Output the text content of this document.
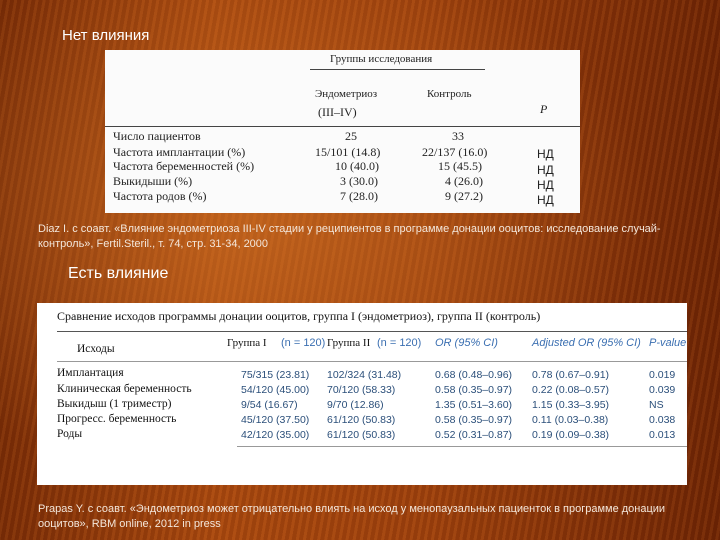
Нет влияния
Группы исследования
Эндометриоз	Контроль
P
(III–IV)
Число пациентов	25	33
Частота имплантации (%)	15/101 (14.8)	22/137 (16.0)	НД
Частота беременностей (%)	10 (40.0)	15 (45.5)	НД
Выкидыши (%)	3 (30.0)	4 (26.0)	НД
Частота родов (%)	7 (28.0)	9 (27.2)	НД
Diaz I. с соавт. «Влияние эндометриоза III-IV стадии у реципиентов в программе донации ооцитов: исследование случай-контроль», Fertil.Steril., т. 74, стр. 31-34, 2000
Есть влияние
Сравнение исходов программы донации ооцитов, группа I (эндометриоз), группа II (контроль)
Исходы	Группа I (n = 120) Группа II (n = 120) OR (95% CI)	Adjusted OR (95% CI) P-value
Имплантация	75/315 (23.81) 102/324 (31.48)	0.68 (0.48–0.96) 0.78 (0.67–0.91)	0.019
Клиническая беременность	54/120 (45.00) 70/120 (58.33)	0.58 (0.35–0.97) 0.22 (0.08–0.57)	0.039
Выкидыш (1 триместр)	9/54 (16.67)	9/70 (12.86)	1.35 (0.51–3.60) 1.15 (0.33–3.95)	NS
Прогресс. беременность	45/120 (37.50) 61/120 (50.83)	0.58 (0.35–0.97) 0.11 (0.03–0.38)	0.038
Роды	42/120 (35.00) 61/120 (50.83)	0.52 (0.31–0.87) 0.19 (0.09–0.38)	0.013
Prapas Y. с соавт. «Эндометриоз может отрицательно влиять на исход у менопаузальных пациенток в программе донации ооцитов», RBM online, 2012 in press
